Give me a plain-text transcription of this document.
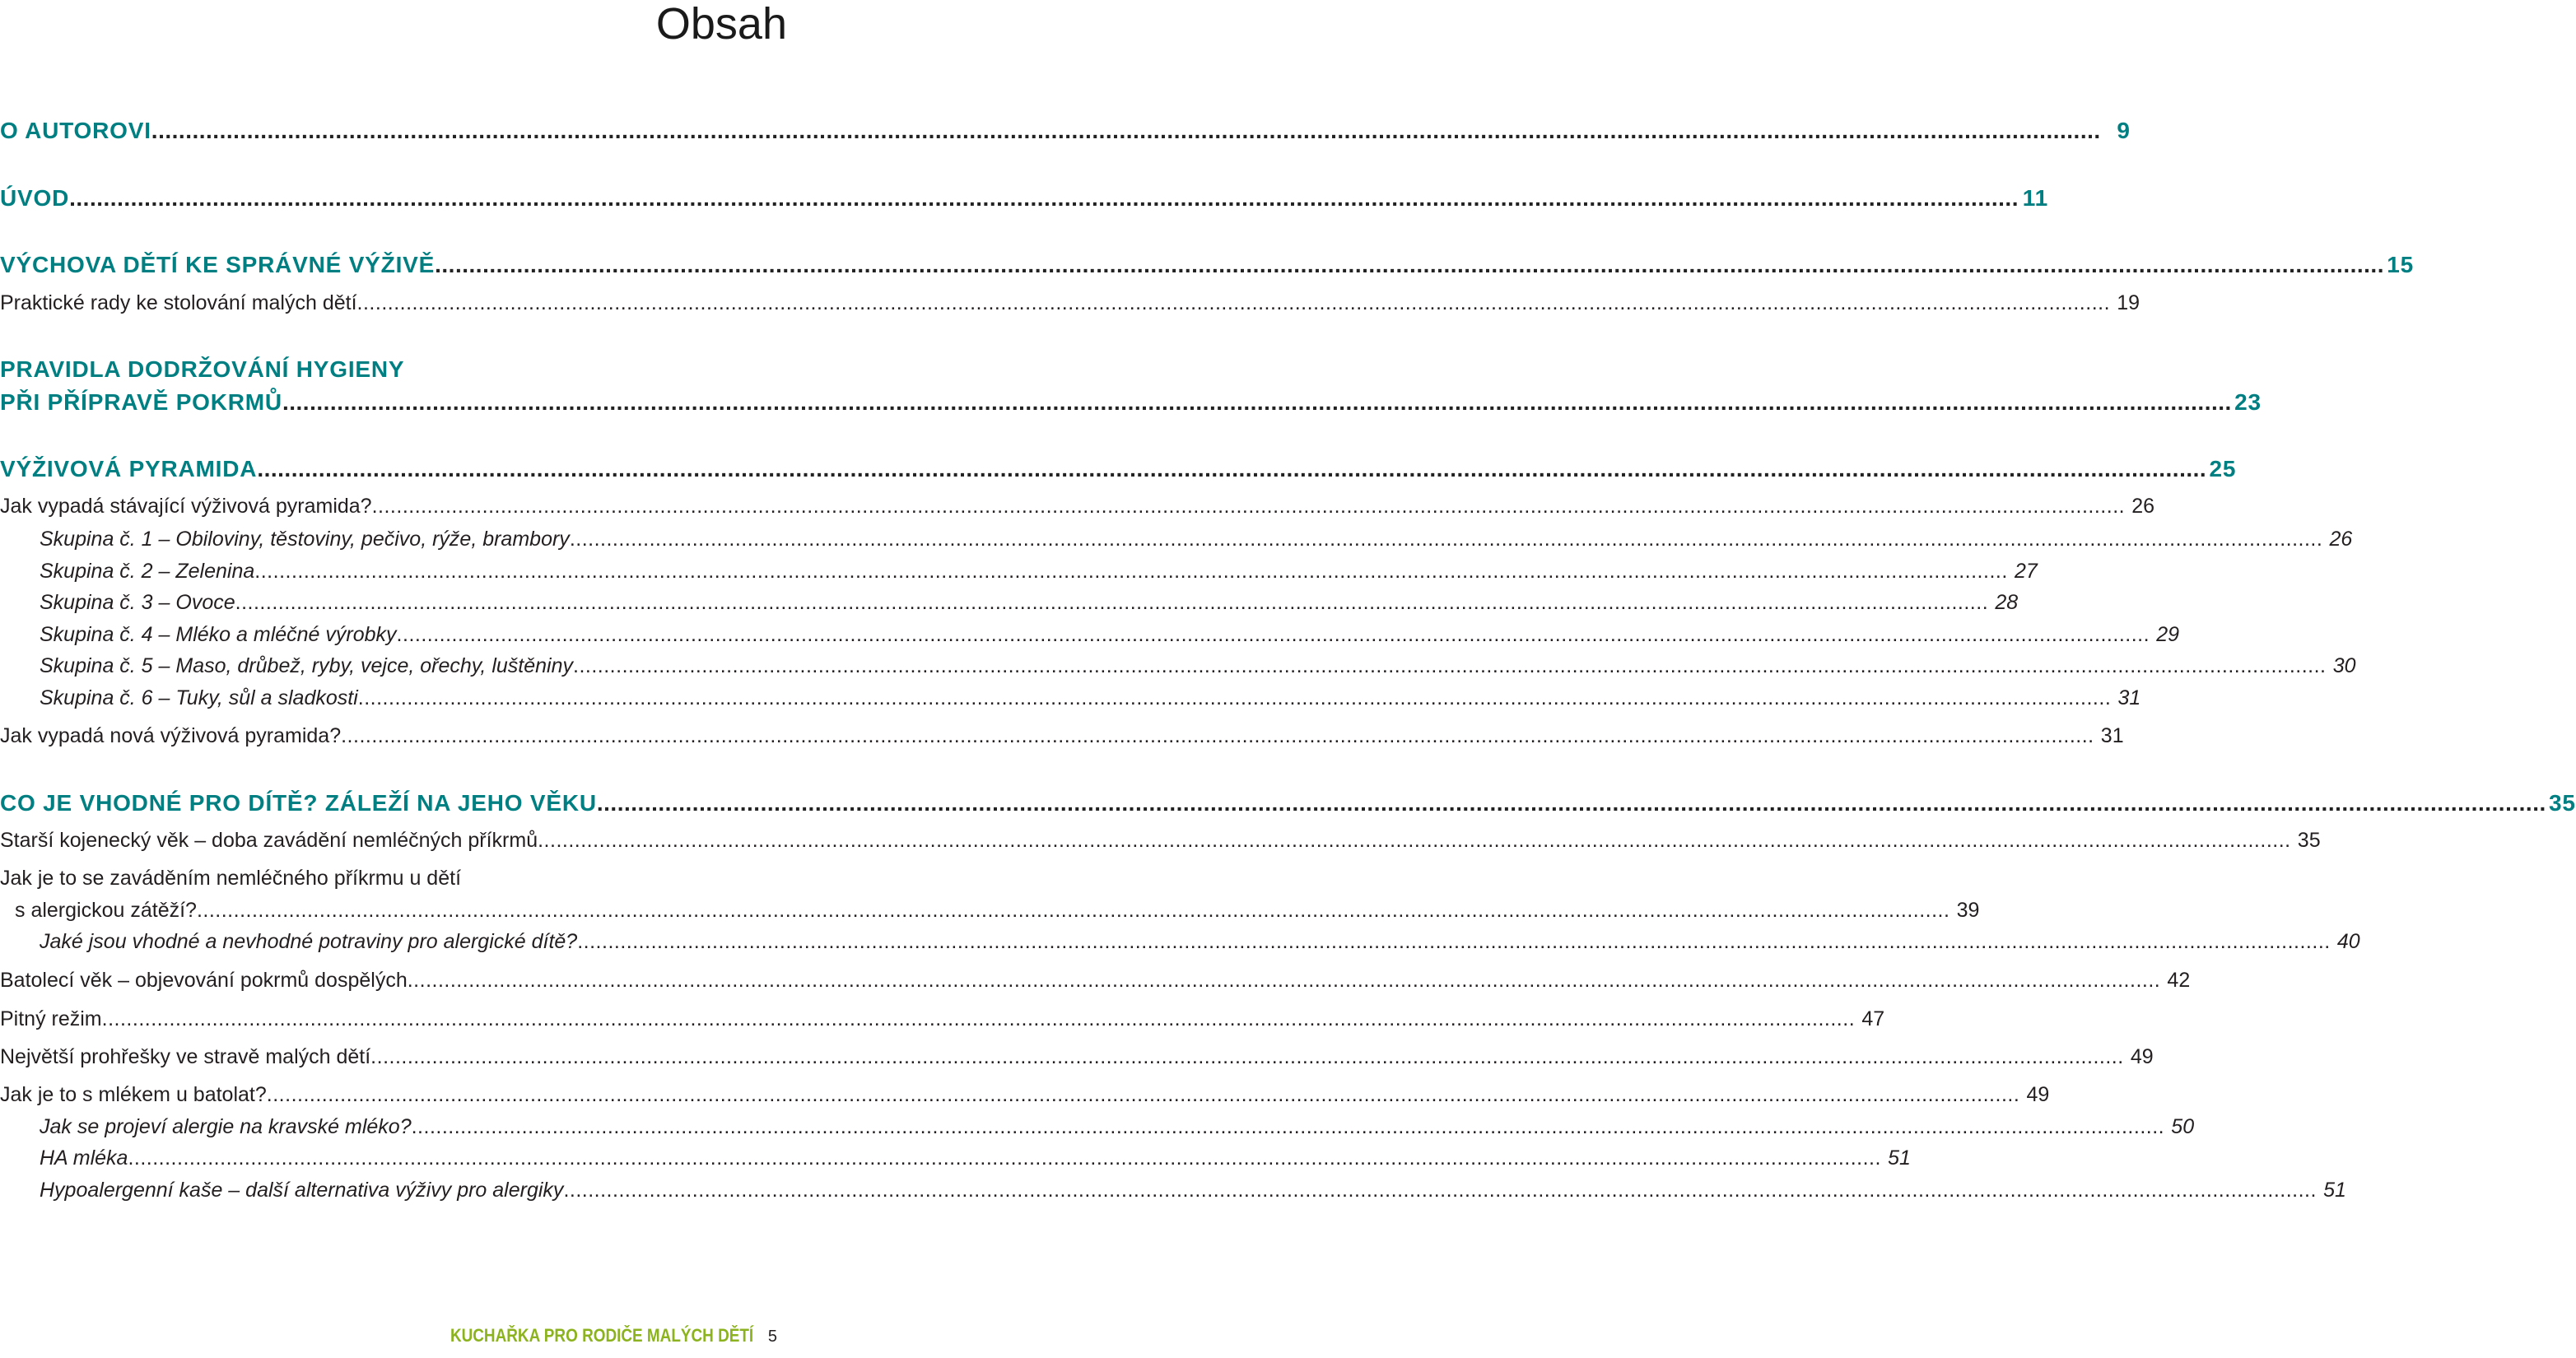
Obsah
O AUTOROVI .....	9
ÚVOD .....	11
VÝCHOVA DĚTÍ KE SPRÁVNÉ VÝŽIVĚ .....	15
Praktické rady ke stolování malých dětí .....	19
PRAVIDLA DODRŽOVÁNÍ HYGIENY
PŘI PŘÍPRAVĚ POKRMŮ .....	23
VÝŽIVOVÁ PYRAMIDA .....	25
Jak vypadá stávající výživová pyramida? .....	26
Skupina č. 1 – Obiloviny, těstoviny, pečivo, rýže, brambory .....	26
Skupina č. 2 – Zelenina .....	27
Skupina č. 3 – Ovoce .....	28
Skupina č. 4 – Mléko a mléčné výrobky .....	29
Skupina č. 5 – Maso, drůbež, ryby, vejce, ořechy, luštěniny .....	30
Skupina č. 6 – Tuky, sůl a sladkosti .....	31
Jak vypadá nová výživová pyramida? .....	31
CO JE VHODNÉ PRO DÍTĚ? ZÁLEŽÍ NA JEHO VĚKU .....	35
Starší kojenecký věk – doba zavádění nemléčných příkrmů .....	35
Jak je to se zaváděním nemléčného příkrmu u dětí
s alergickou zátěží? .....	39
Jaké jsou vhodné a nevhodné potraviny pro alergické dítě? .....	40
Batolecí věk – objevování pokrmů dospělých .....	42
Pitný režim .....	47
Největší prohřešky ve stravě malých dětí .....	49
Jak je to s mlékem u batolat? .....	49
Jak se projeví alergie na kravské mléko? .....	50
HA mléka .....	51
Hypoalergenní kaše – další alternativa výživy pro alergiky .....	51
KUCHAŘKA PRO RODIČE MALÝCH DĚTÍ 5
